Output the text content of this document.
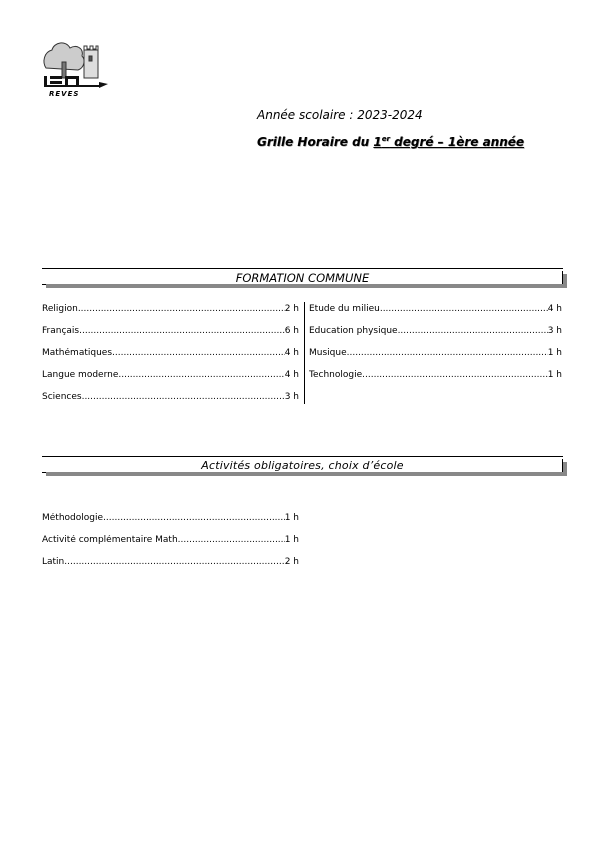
REVES
Année scolaire : 2023-2024
Grille Horaire du 1er degré – 1ère année
FORMATION COMMUNE
Religion .....	2 h
Français .....	6 h
Mathématiques .....	4 h
Langue moderne .....	4 h
Sciences .....	3 h
Etude du milieu .....	4 h
Education physique .....	3 h
Musique .....	1 h
Technologie .....	1 h
Activités obligatoires, choix d’école
Méthodologie .....	1 h
Activité complémentaire Math .....	1 h
Latin .....	2 h
